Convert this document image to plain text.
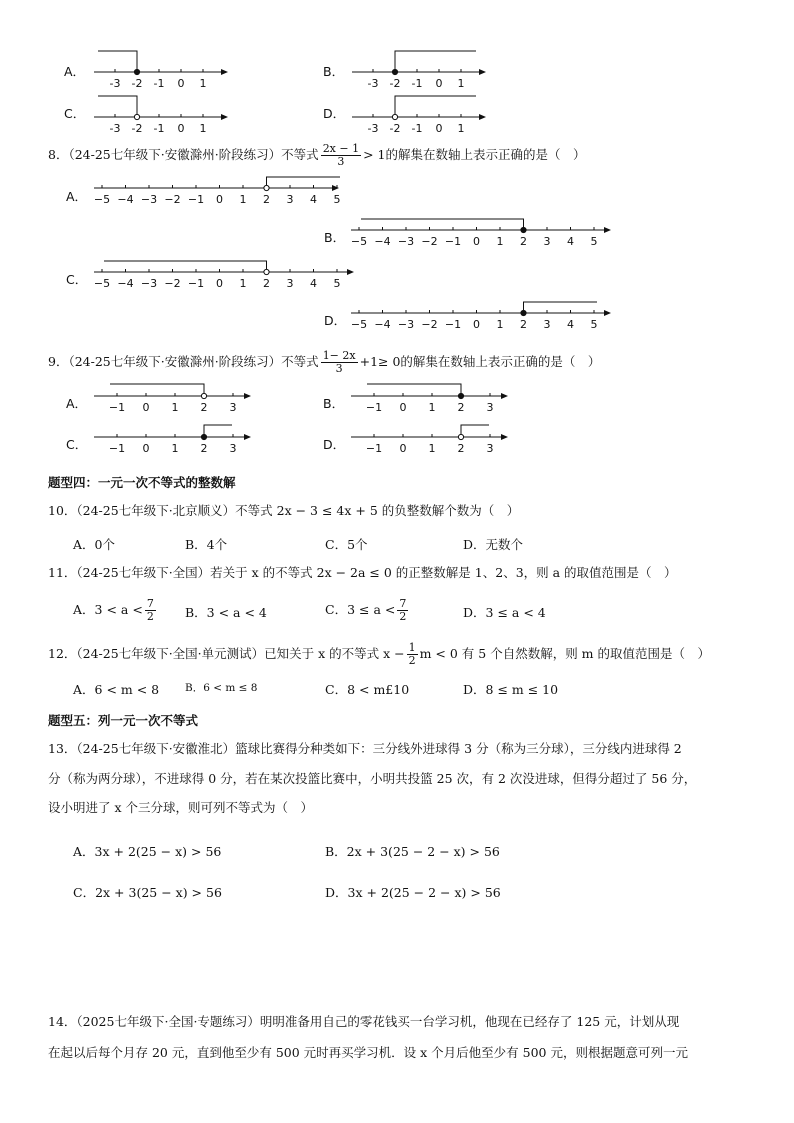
A．
-3 -2 -1 0 1
B．
-3 -2 -1 0 1
C．
-3 -2 -1 0 1
D．
-3 -2 -1 0 1
8．（24-25七年级下·安徽滁州·阶段练习）不等式 $\frac{2x - 1}{3} > 1$的解集在数轴上表示正确的是（　）
A． −5 −4 −3 −2 −1 0 1 2 3 4 5
B． −5 −4 −3 −2 −1 0 1 2 3 4 5
C． −5 −4 −3 −2 −1 0 1 2 3 4 5
D． −5 −4 −3 −2 −1 0 1 2 3 4 5
9．（24-25七年级下·安徽滁州·阶段练习）不等式 $\frac{1- 2x}{3} +1\ge 0$的解集在数轴上表示正确的是（　）
A． −1 0 1 2 3	B． −1 0 1 2 3
C． −1 0 1 2 3	D． −1 0 1 2 3
题型四：一元一次不等式的整数解
10．（24-25七年级下·北京顺义）不等式 2x − 3 ≤ 4x + 5 的负整数解个数为（　）
A．0个	B．4个	C．5个	D．无数个
11．（24-25七年级下·全国）若关于 x 的不等式 2x − 2a ≤ 0 的正整数解是 1、2、3，则 a 的取值范围是（　）
A．$3 < a < \frac{7}{2}$ B．3 < a < 4	C．$3 \le a < \frac{7}{2}$	D．3 ≤ a < 4
12．（24-25七年级下·全国·单元测试）已知关于 x 的不等式 $x - \frac{1}{2}$ m < 0 有 5 个自然数解，则 m 的取值范围是（　）
A．6 < m < 8 B．6 < m ≤ 8	C．8 < m£10	D．8 ≤ m ≤ 10
题型五：列一元一次不等式
13．（24-25七年级下·安徽淮北）篮球比赛得分种类如下：三分线外进球得 3 分（称为三分球），三分线内进球得 2
分（称为两分球），不进球得 0 分，若在某次投篮比赛中，小明共投篮 25 次，有 2 次没进球，但得分超过了 56 分，
设小明进了 x 个三分球，则可列不等式为（　）
A．3x + 2(25 − x) > 56	B．2x + 3(25 − 2 − x) > 56
C．2x + 3(25 − x) > 56	D．3x + 2(25 − 2 − x) > 56
14．（2025七年级下·全国·专题练习）明明准备用自己的零花钱买一台学习机，他现在已经存了 125 元，计划从现
在起以后每个月存 20 元，直到他至少有 500 元时再买学习机．设 x 个月后他至少有 500 元，则根据题意可列一元
